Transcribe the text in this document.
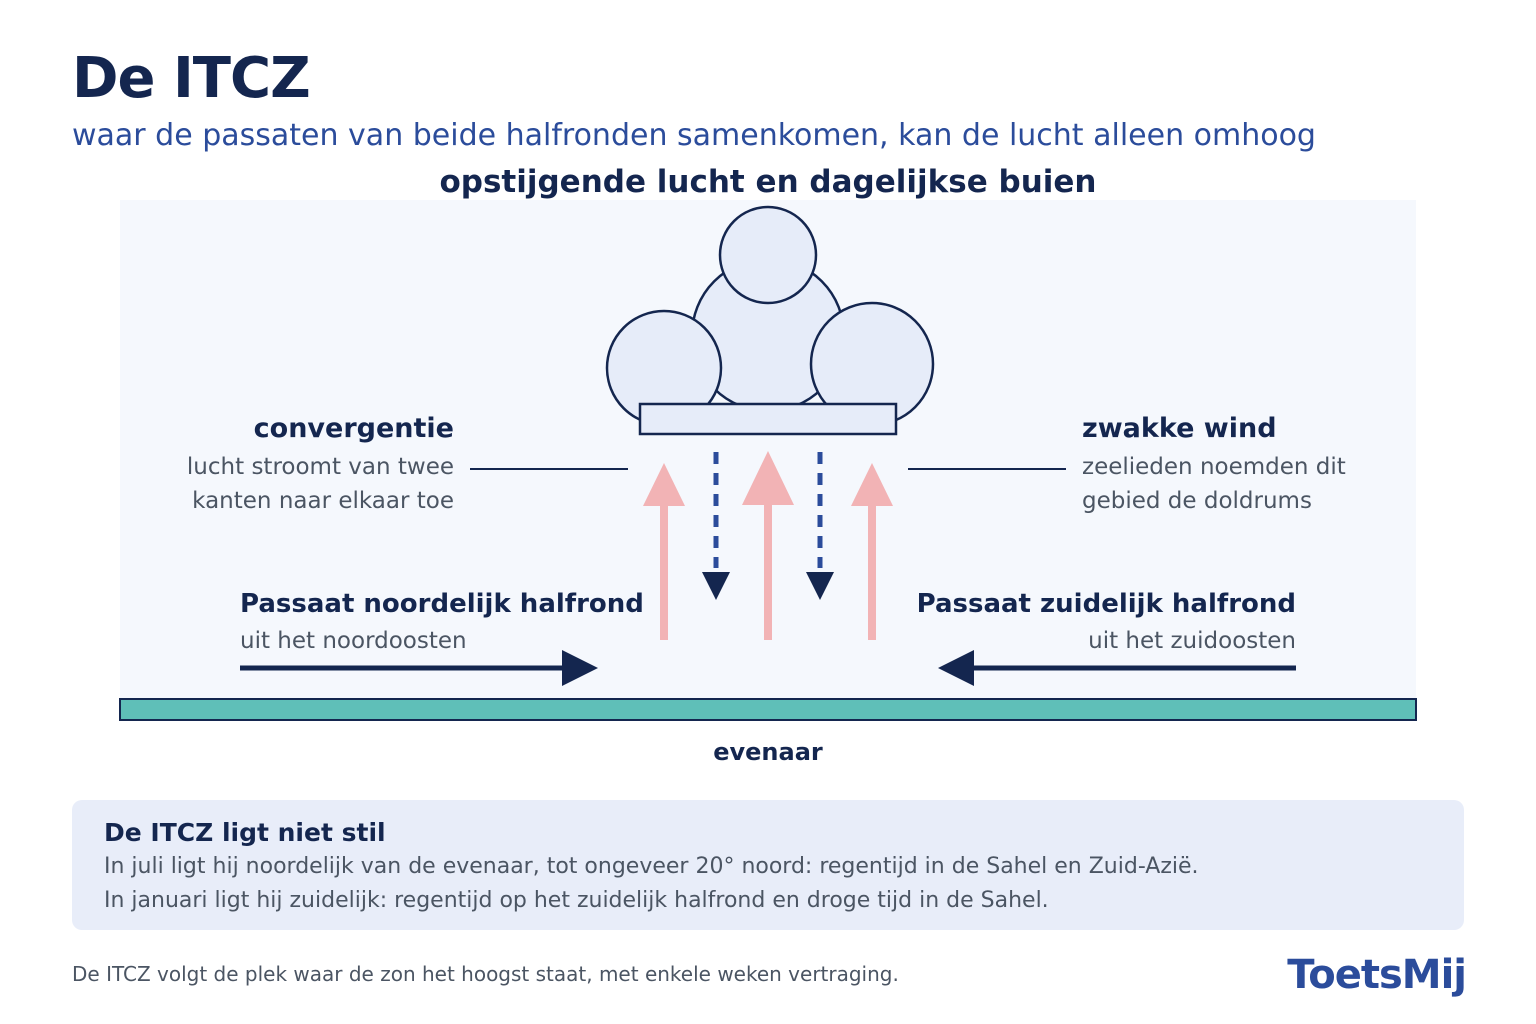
De ITCZ
waar de passaten van beide halfronden samenkomen, kan de lucht alleen omhoog
opstijgende lucht en dagelijkse buien
convergentie
lucht stroomt van twee
kanten naar elkaar toe
zwakke wind
zeelieden noemden dit
gebied de doldrums
Passaat noordelijk halfrond
uit het noordoosten
Passaat zuidelijk halfrond
uit het zuidoosten
evenaar
De ITCZ ligt niet stil
In juli ligt hij noordelijk van de evenaar, tot ongeveer 20° noord: regentijd in de Sahel en Zuid-Azië.
In januari ligt hij zuidelijk: regentijd op het zuidelijk halfrond en droge tijd in de Sahel.
De ITCZ volgt de plek waar de zon het hoogst staat, met enkele weken vertraging.	ToetsMij
